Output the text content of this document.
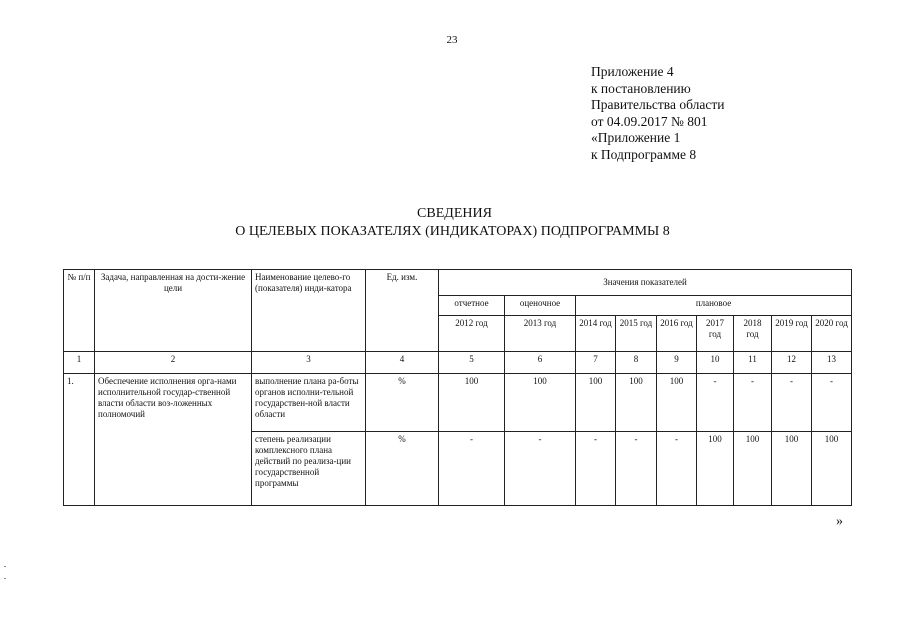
23
Приложение 4
к постановлению
Правительства области
от 04.09.2017 № 801
«Приложение 1
к Подпрограмме 8
СВЕДЕНИЯ
О ЦЕЛЕВЫХ ПОКАЗАТЕЛЯХ (ИНДИКАТОРАХ) ПОДПРОГРАММЫ 8
№ п/п	Задача, направленная на дости-жение цели	Наименование целево-го (показателя) инди-катора	Ед. изм.	Значения показателей								
				отчетное	оценочное	плановое						
				2012 год	2013 год	2014 год	2015 год	2016 год	2017 год	2018 год	2019 год	2020 год
1	2	3	4	5	6	7	8	9	10	11	12	13
1.	Обеспечение исполнения орга-нами исполнительной государ-ственной власти области воз-ложенных полномочий	выполнение плана ра-боты органов исполни-тельной государствен-ной власти области	%	100	100	100	100	100	-	-	-	-
		степень реализации комплексного плана действий по реализа-ции государственной программы	%	-	-	-	-	-	100	100	100	100
»
